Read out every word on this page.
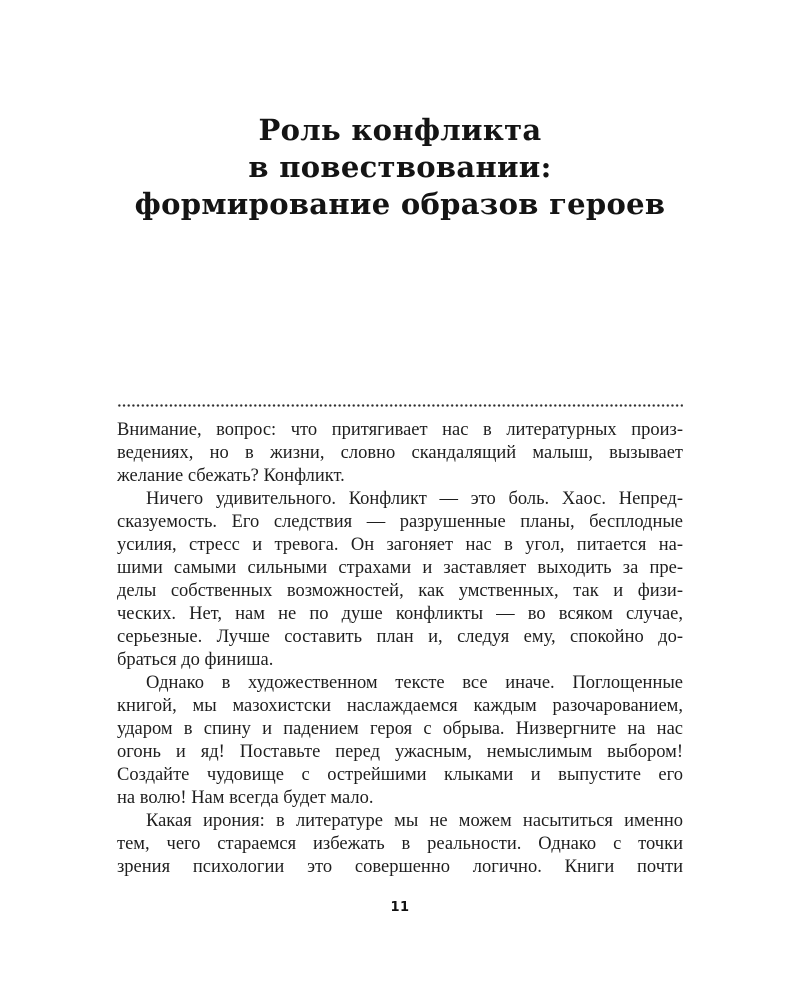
Роль конфликта
в повествовании:
формирование образов героев

Внимание, вопрос: что притягивает нас в литературных произ-
ведениях, но в жизни, словно скандалящий малыш, вызывает
желание сбежать? Конфликт.

Ничего удивительного. Конфликт — это боль. Хаос. Непред-
сказуемость. Его следствия — разрушенные планы, бесплодные
усилия, стресс и тревога. Он загоняет нас в угол, питается на-
шими самыми сильными страхами и заставляет выходить за пре-
делы собственных возможностей, как умственных, так и физи-
ческих. Нет, нам не по душе конфликты — во всяком случае,
серьезные. Лучше составить план и, следуя ему, спокойно до-
браться до финиша.

Однако в художественном тексте все иначе. Поглощенные
книгой, мы мазохистски наслаждаемся каждым разочарованием,
ударом в спину и падением героя с обрыва. Низвергните на нас
огонь и яд! Поставьте перед ужасным, немыслимым выбором!
Создайте чудовище с острейшими клыками и выпустите его
на волю! Нам всегда будет мало.

Какая ирония: в литературе мы не можем насытиться именно
тем, чего стараемся избежать в реальности. Однако с точки
зрения психологии это совершенно логично. Книги почти

11
